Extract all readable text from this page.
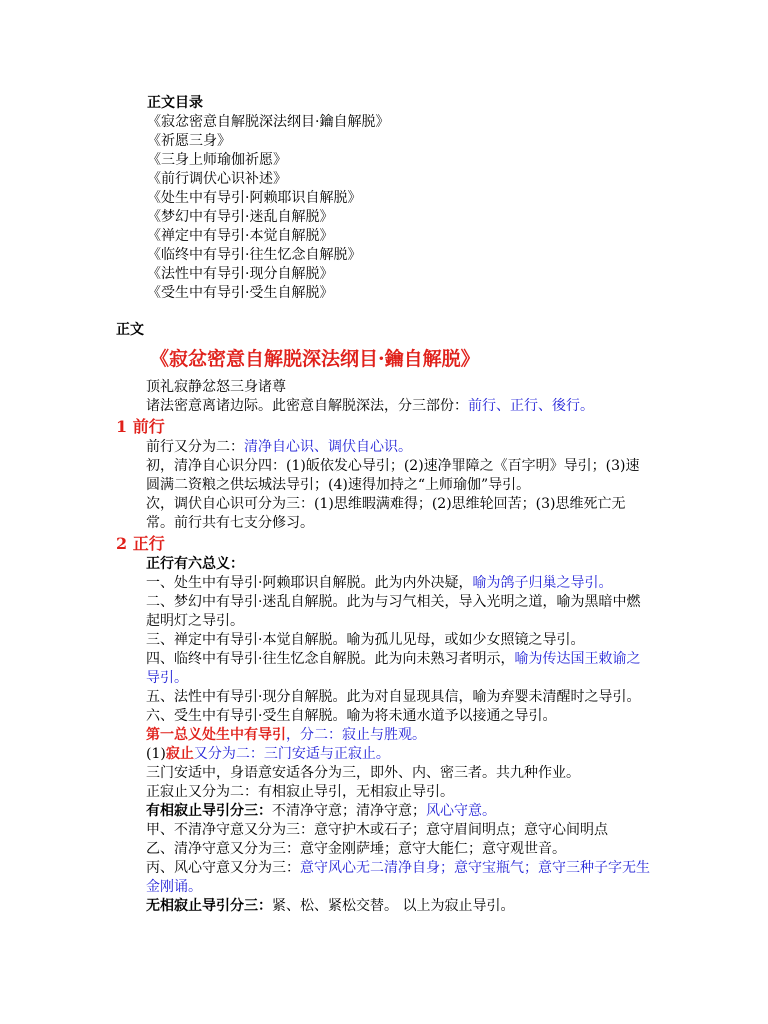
正文目录
《寂忿密意自解脱深法纲目·鑰自解脱》
《祈愿三身》
《三身上师瑜伽祈愿》
《前行调伏心识补述》
《处生中有导引·阿赖耶识自解脱》
《梦幻中有导引·迷乱自解脱》
《禅定中有导引·本觉自解脱》
《临终中有导引·往生忆念自解脱》
《法性中有导引·现分自解脱》
《受生中有导引·受生自解脱》
正文
《寂忿密意自解脱深法纲目·鑰自解脱》
顶礼寂静忿怒三身诸尊
诸法密意离诸边际。此密意自解脱深法，分三部份：前行、正行、後行。
1 前行
前行又分为二：清净自心识、调伏自心识。
初，清净自心识分四：(1)皈依发心导引；(2)速净罪障之《百字明》导引；(3)速圆满二资粮之供坛城法导引；(4)速得加持之“上师瑜伽”导引。
次，调伏自心识可分为三：(1)思维暇满难得；(2)思维轮回苦；(3)思维死亡无常。前行共有七支分修习。
2 正行
正行有六总义：
一、处生中有导引·阿赖耶识自解脱。此为内外决疑，喻为鸽子归巢之导引。
二、梦幻中有导引·迷乱自解脱。此为与习气相关，导入光明之道，喻为黑暗中燃起明灯之导引。
三、禅定中有导引·本觉自解脱。喻为孤儿见母，或如少女照镜之导引。
四、临终中有导引·往生忆念自解脱。此为向未熟习者明示，喻为传达国王敕谕之导引。
五、法性中有导引·现分自解脱。此为对自显现具信，喻为弃婴未清醒时之导引。
六、受生中有导引·受生自解脱。喻为将未通水道予以接通之导引。
第一总义处生中有导引，分二：寂止与胜观。
(1)寂止又分为二：三门安适与正寂止。
三门安适中，身语意安适各分为三，即外、内、密三者。共九种作业。
正寂止又分为二：有相寂止导引，无相寂止导引。
有相寂止导引分三：不清净守意；清净守意；风心守意。
甲、不清净守意又分为三：意守护木或石子；意守眉间明点；意守心间明点
乙、清净守意又分为三：意守金刚萨埵；意守大能仁；意守观世音。
丙、风心守意又分为三：意守风心无二清净自身；意守宝瓶气；意守三种子字无生金刚诵。
无相寂止导引分三：紧、松、紧松交替。 以上为寂止导引。
